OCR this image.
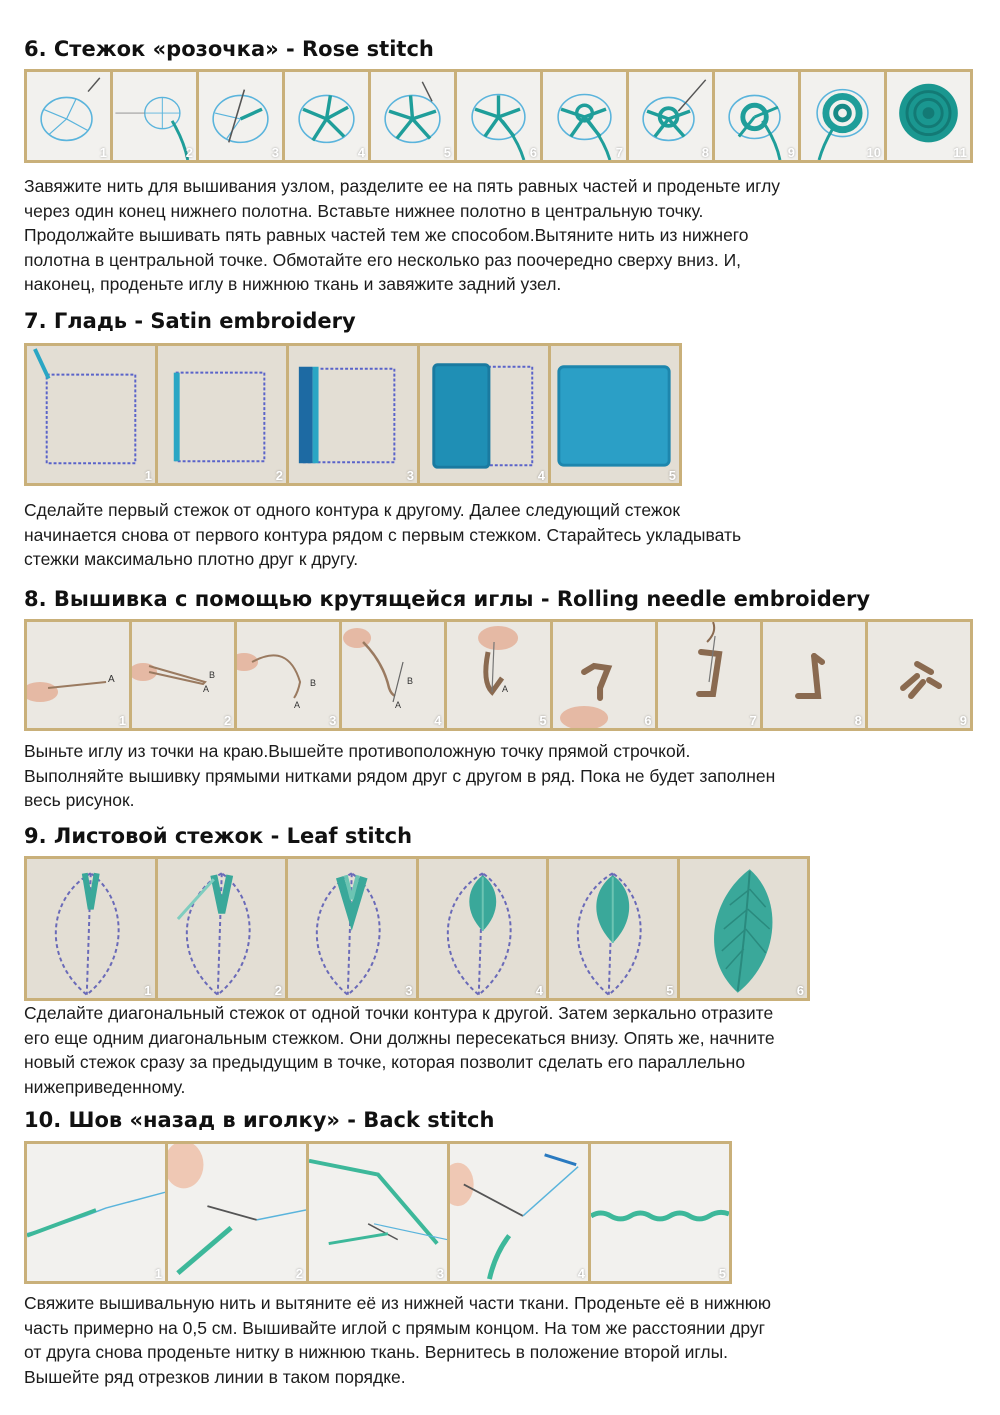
6. Стежок «розочка» - Rose stitch
1	2	3	4	5	6	7	8	9	10	11

Завяжите нить для вышивания узлом, разделите ее на пять равных частей и проденьте иглу
через один конец нижнего полотна. Вставьте нижнее полотно в центральную точку.
Продолжайте вышивать пять равных частей тем же способом.Вытяните нить из нижнего
полотна в центральной точке. Обмотайте его несколько раз поочередно сверху вниз. И,
наконец, проденьте иглу в нижнюю ткань и завяжите задний узел.

7. Гладь - Satin embroidery
1	2	3	4	5

Сделайте первый стежок от одного контура к другому. Далее следующий стежок
начинается снова от первого контура рядом с первым стежком. Старайтесь укладывать
стежки максимально плотно друг к другу.

8. Вышивка с помощью крутящейся иглы - Rolling needle embroidery
A
1
A
B
2
A
B
3
A
B
4
A
5	6	7	8	9

Выньте иглу из точки на краю.Вышейте противоположную точку прямой строчкой.
Выполняйте вышивку прямыми нитками рядом друг с другом в ряд. Пока не будет заполнен
весь рисунок.

9. Листовой стежок - Leaf stitch
1	2	3	4	5	6

Сделайте диагональный стежок от одной точки контура к другой. Затем зеркально отразите
его еще одним диагональным стежком. Они должны пересекаться внизу. Опять же, начните
новый стежок сразу за предыдущим в точке, которая позволит сделать его параллельно
нижеприведенному.

10. Шов «назад в иголку» - Back stitch
1	2	3	4	5

Свяжите вышивальную нить и вытяните её из нижней части ткани. Проденьте её в нижнюю
часть примерно на 0,5 см. Вышивайте иглой с прямым концом. На том же расстоянии друг
от друга снова проденьте нитку в нижнюю ткань. Вернитесь в положение второй иглы.
Вышейте ряд отрезков линии в таком порядке.
